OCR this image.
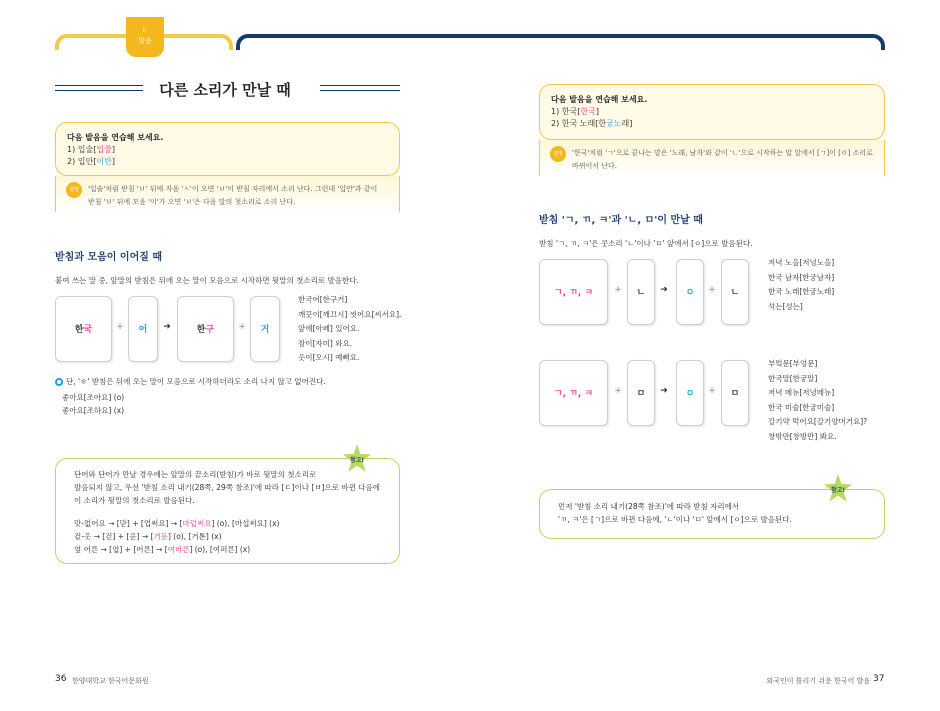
I.
발음
다른 소리가 만날 때
다음 발음을 연습해 보세요.
1) 입술[입쑬]
2) 입안[이반]
설명	'입술'처럼 받침 'ㅂ' 뒤에 자음 'ㅅ'이 오면 'ㅂ'이 받침 자리에서 소리 난다. 그런데 '입안'과 같이
받침 'ㅂ' 뒤에 모음 '이'가 오면 'ㅂ'은 다음 말의 첫소리로 소리 난다.
받침과 모음이 이어질 때
붙여 쓰는 말 중, 앞말의 받침은 뒤에 오는 말이 모음으로 시작하면 뒷말의 첫소리로 발음한다.
한국	+	어	➜	한구	+	거
한국어[한구거]
깨끗이[깨끄시] 씻어요[씨서요].
앞에[아페] 있어요.
잠이[자미] 와요.
옷이[오시] 예뻐요.
단, 'ㅎ' 받침은 뒤에 오는 말이 모음으로 시작하더라도 소리 나지 않고 없어진다.
좋아요[조아요] (o)
좋아요[조하요] (x)
단어와 단어가 만날 경우에는 앞말의 끝소리(받침)가 바로 뒷말의 첫소리로
발음되지 않고, 우선 '받침 소리 내기(28쪽, 29쪽 참조)'에 따라 [ㄷ]이나 [ㅂ]으로 바뀐 다음에
이 소리가 뒷말의 첫소리로 발음된다.
맛-없어요 → [맏] + [업써요] → [마덥써요] (o), [마섭써요] (x)
겉-옷 → [걷] + [옫] → [거돋] (o), [거톧] (x)
옆 어른 → [엽] + [어른] → [여버른] (o), [여퍼른] (x)
참고!
36 한양대학교 한국어문화원
다음 발음을 연습해 보세요.
1) 한국[한국]
2) 한국 노래[한궁노래]
설명	'한국'처럼 'ㄱ'으로 끝나는 말은 '노래, 남자'와 같이 'ㄴ'으로 시작하는 말 앞에서 [ㄱ]이 [ㅇ] 소리로
바뀌어서 난다.
받침 'ㄱ, ㄲ, ㅋ'과 'ㄴ, ㅁ'이 만날 때
받침 'ㄱ, ㄲ, ㅋ'은 콧소리 'ㄴ'이나 'ㅁ' 앞에서 [ㅇ]으로 발음된다.
ㄱ, ㄲ, ㅋ	+	ㄴ	➜	ㅇ	+	ㄴ
저녁 노을[저녕노을]
한국 남자[한궁남자]
한국 노래[한궁노래]
석는[성는]
ㄱ, ㄲ, ㅋ	+	ㅁ	➜	ㅇ	+	ㅁ
부엌문[부엉문]
한국말[한궁말]
저녁 메뉴[저녕메뉴]
한국 미술[한궁미술]
갈기약 먹어요[갈기양머거요]?
창밖만[창방만] 봐요.
먼저 '받침 소리 내기(28쪽 참조)'에 따라 받침 자리에서
'ㄲ, ㅋ'은 [ㄱ]으로 바뀐 다음에, 'ㄴ'이나 'ㅁ' 앞에서 [ㅇ]으로 발음된다.
참고!
외국인이 틀리기 쉬운 한국어 발음 37
